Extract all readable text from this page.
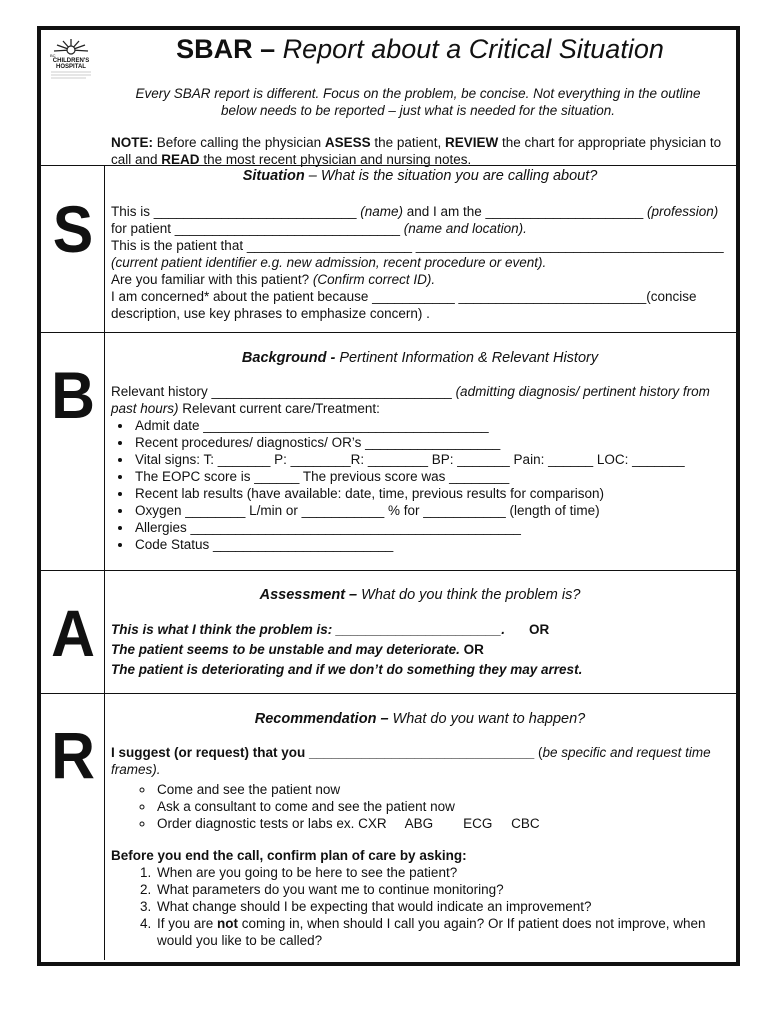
BC
CHILDREN'S
HOSPITAL
SBAR – Report about a Critical Situation
Every SBAR report is different. Focus on the problem, be concise. Not everything in the outline
below needs to be reported – just what is needed for the situation.
NOTE: Before calling the physician ASESS the patient, REVIEW the chart for appropriate physician to call and READ the most recent physician and nursing notes.
S
Situation – What is the situation you are calling about?

This is ___________________________ (name) and I am the _____________________ (profession)

for patient ______________________________ (name and location).

This is the patient that ______________________ _________________________________________

(current patient identifier e.g. new admission, recent procedure or event).

Are you familiar with this patient? (Confirm correct ID).

I am concerned* about the patient because ___________ _________________________(concise description, use key phrases to emphasize concern) .

B	Background - Pertinent Information & Relevant History

Relevant history ________________________________ (admitting diagnosis/ pertinent history from past hours) Relevant current care/Treatment:

• Admit date ______________________________________
• Recent procedures/ diagnostics/ OR’s __________________
• Vital signs: T: _______ P: ________R: ________ BP: _______ Pain: ______ LOC: _______
• The EOPC score is ______ The previous score was ________
• Recent lab results (have available: date, time, previous results for comparison)
• Oxygen ________ L/min or ___________ % for ___________ (length of time)
• Allergies ____________________________________________
• Code Status ________________________
A
Assessment – What do you think the problem is?

This is what I think the problem is: ______________________. OR

The patient seems to be unstable and may deteriorate. OR

The patient is deteriorating and if we don’t do something they may arrest.

R	Recommendation – What do you want to happen?

I suggest (or request) that you ______________________________ (be specific and request time frames).

◦ Come and see the patient now
◦ Ask a consultant to come and see the patient now
◦ Order diagnostic tests or labs ex. CXR     ABG        ECG     CBC

Before you end the call, confirm plan of care by asking:

1. When are you going to be here to see the patient?
2. What parameters do you want me to continue monitoring?
3. What change should I be expecting that would indicate an improvement?
4. If you are not coming in, when should I call you again? Or If patient does not improve, when would you like to be called?
